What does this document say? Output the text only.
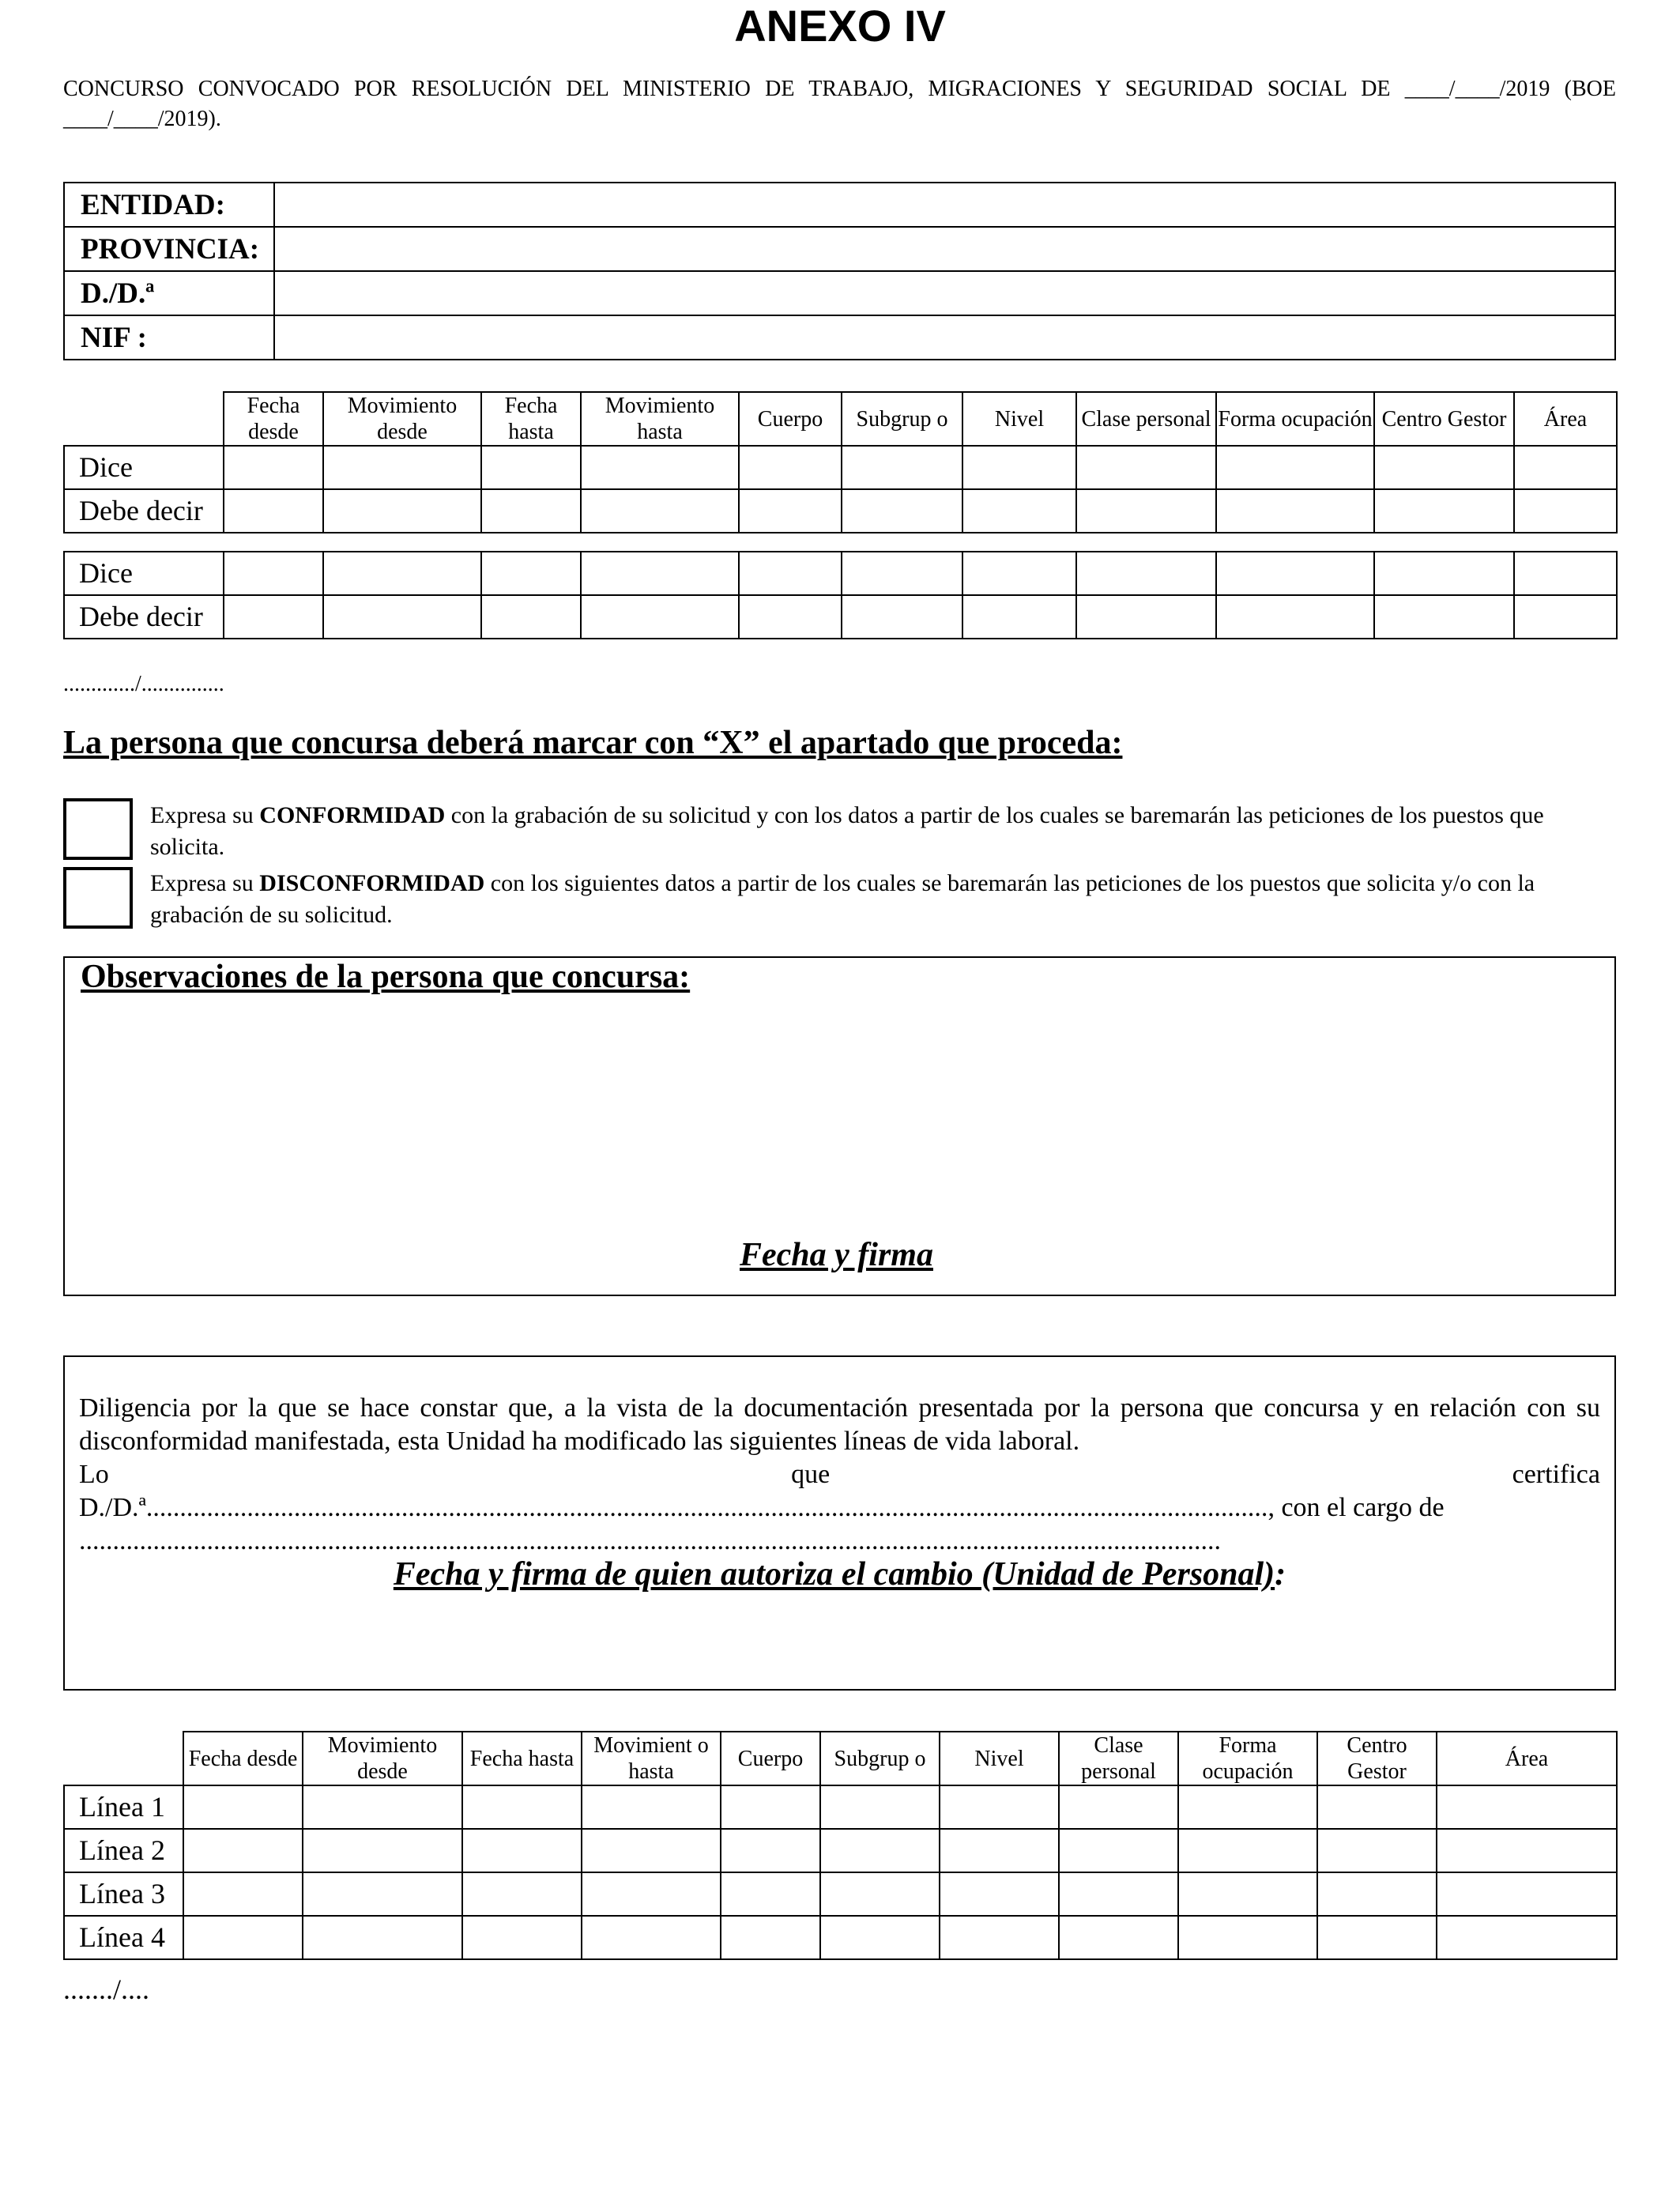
ANEXO IV
CONCURSO CONVOCADO POR RESOLUCIÓN DEL MINISTERIO DE TRABAJO, MIGRACIONES Y SEGURIDAD SOCIAL DE ____/____/2019 (BOE ____/____/2019).
ENTIDAD:	
PROVINCIA:	
D./D.ª	
NIF :	
	Fecha desde	Movimiento desde	Fecha hasta	Movimiento hasta	Cuerpo	Subgrup o	Nivel	Clase personal	Forma ocupación	Centro Gestor	Área
Dice											
Debe decir											
Dice											
Debe decir											
............./...............
La persona que concursa deberá marcar con “X” el apartado que proceda:
Expresa su CONFORMIDAD con la grabación de su solicitud y con los datos a partir de los cuales se baremarán las peticiones de los puestos que solicita.
Expresa su DISCONFORMIDAD con los siguientes datos a partir de los cuales se baremarán las peticiones de los puestos que solicita y/o con la grabación de su solicitud.
Observaciones de la persona que concursa:
Fecha y firma
Diligencia por la que se hace constar que, a la vista de la documentación presentada por la persona que concursa y en relación con su disconformidad manifestada, esta Unidad ha modificado las siguientes líneas de vida laboral.
Lo	que	certifica
D./D.ª......................................................................................................................................................................., con el cargo de
..........................................................................................................................................................................
Fecha y firma de quien autoriza el cambio (Unidad de Personal):
	Fecha desde	Movimiento desde	Fecha hasta	Movimient o hasta	Cuerpo	Subgrup o	Nivel	Clase personal	Forma ocupación	Centro Gestor	Área
Línea 1											
Línea 2											
Línea 3											
Línea 4											
......./....
